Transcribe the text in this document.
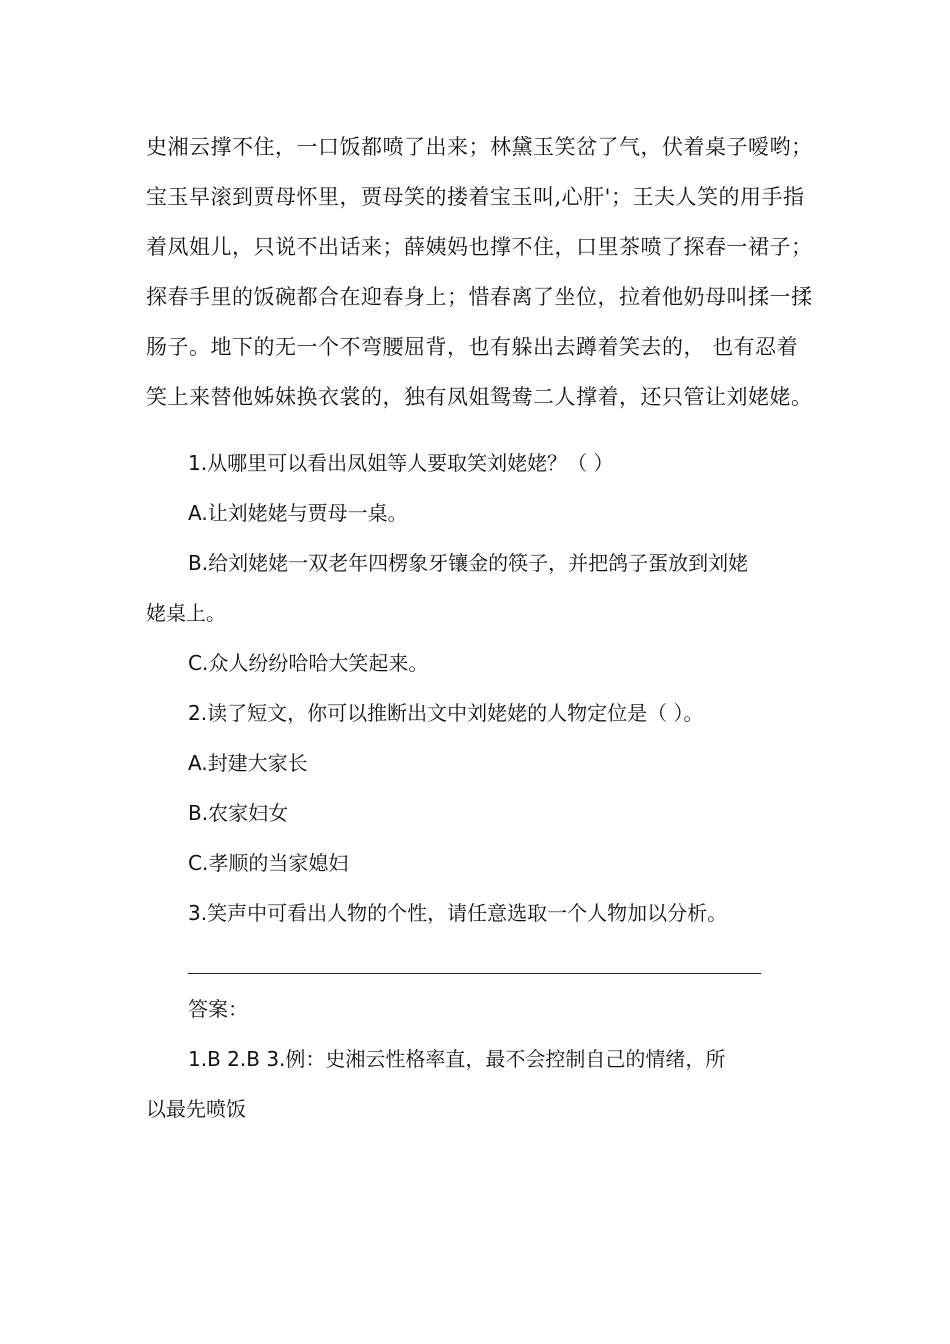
史湘云撑不住，一口饭都喷了出来；林黛玉笑岔了气，伏着桌子嗳哟；
宝玉早滚到贾母怀里，贾母笑的搂着宝玉叫,心肝'；王夫人笑的用手指
着凤姐儿，只说不出话来；薛姨妈也撑不住，口里茶喷了探春一裙子；
探春手里的饭碗都合在迎春身上；惜春离了坐位，拉着他奶母叫揉一揉
肠子。地下的无一个不弯腰屈背，也有躲出去蹲着笑去的， 也有忍着
笑上来替他姊妹换衣裳的，独有凤姐鸳鸯二人撑着，还只管让刘姥姥。
1.从哪里可以看出凤姐等人要取笑刘姥姥？（ ）
A.让刘姥姥与贾母一桌。
B.给刘姥姥一双老年四楞象牙镶金的筷子，并把鸽子蛋放到刘姥
姥桌上。
C.众人纷纷哈哈大笑起来。
2.读了短文，你可以推断出文中刘姥姥的人物定位是（ ）。
A.封建大家长
B.农家妇女
C.孝顺的当家媳妇
3.笑声中可看出人物的个性，请任意选取一个人物加以分析。
答案：
1.B 2.B 3.例：史湘云性格率直，最不会控制自己的情绪，所
以最先喷饭
